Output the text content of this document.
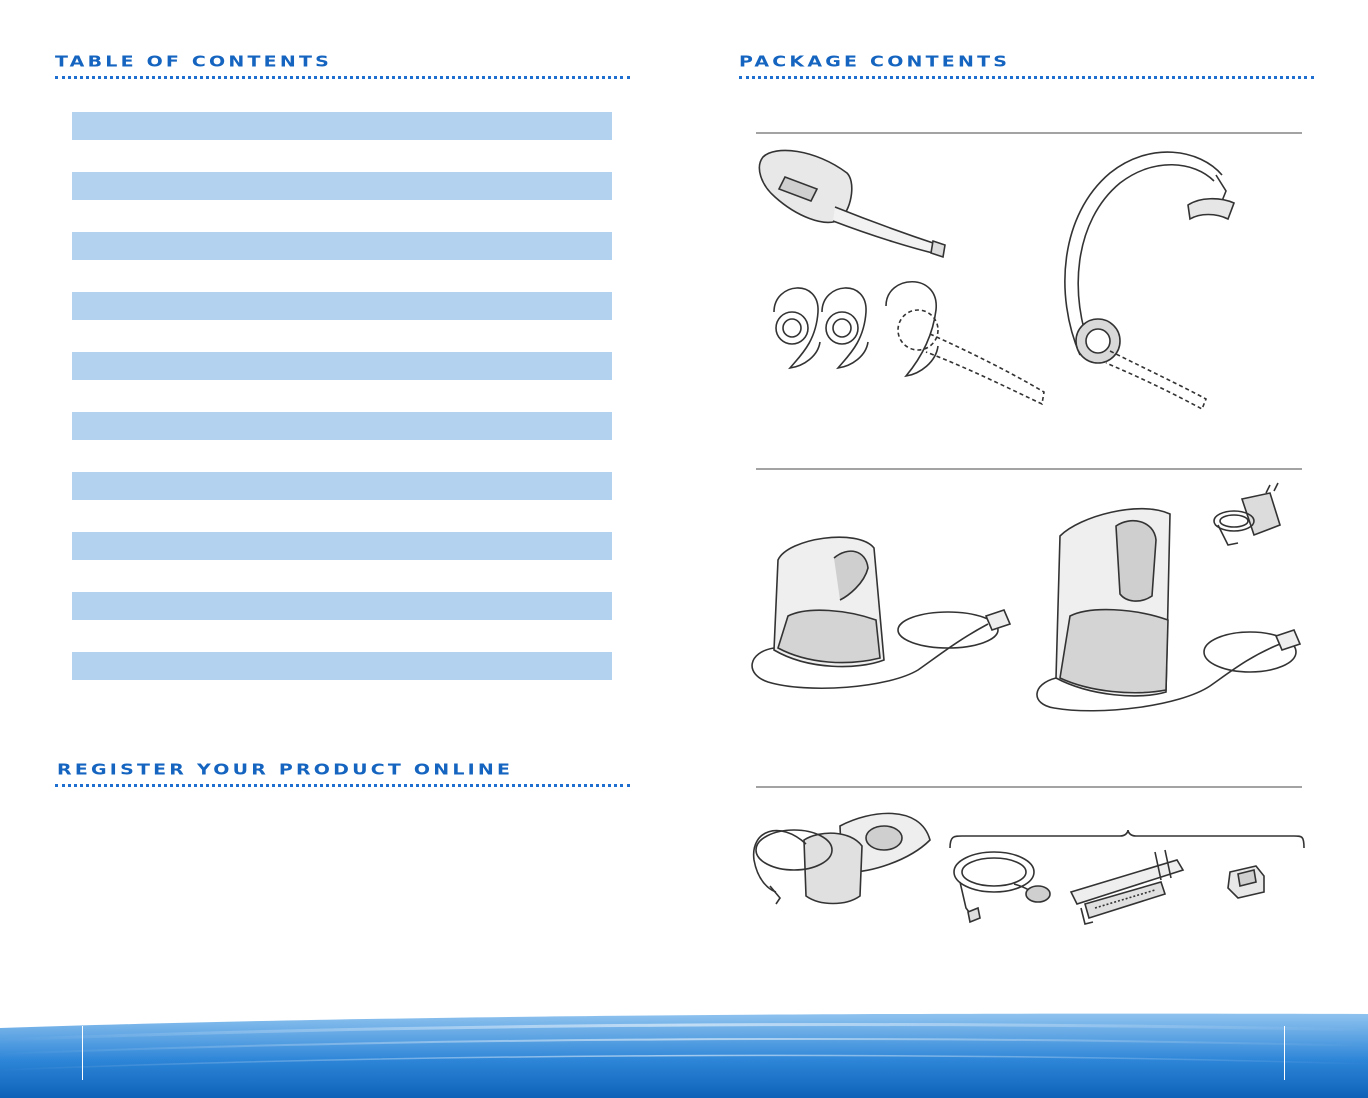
TABLE OF CONTENTS
REGISTER YOUR PRODUCT ONLINE
PACKAGE CONTENTS
